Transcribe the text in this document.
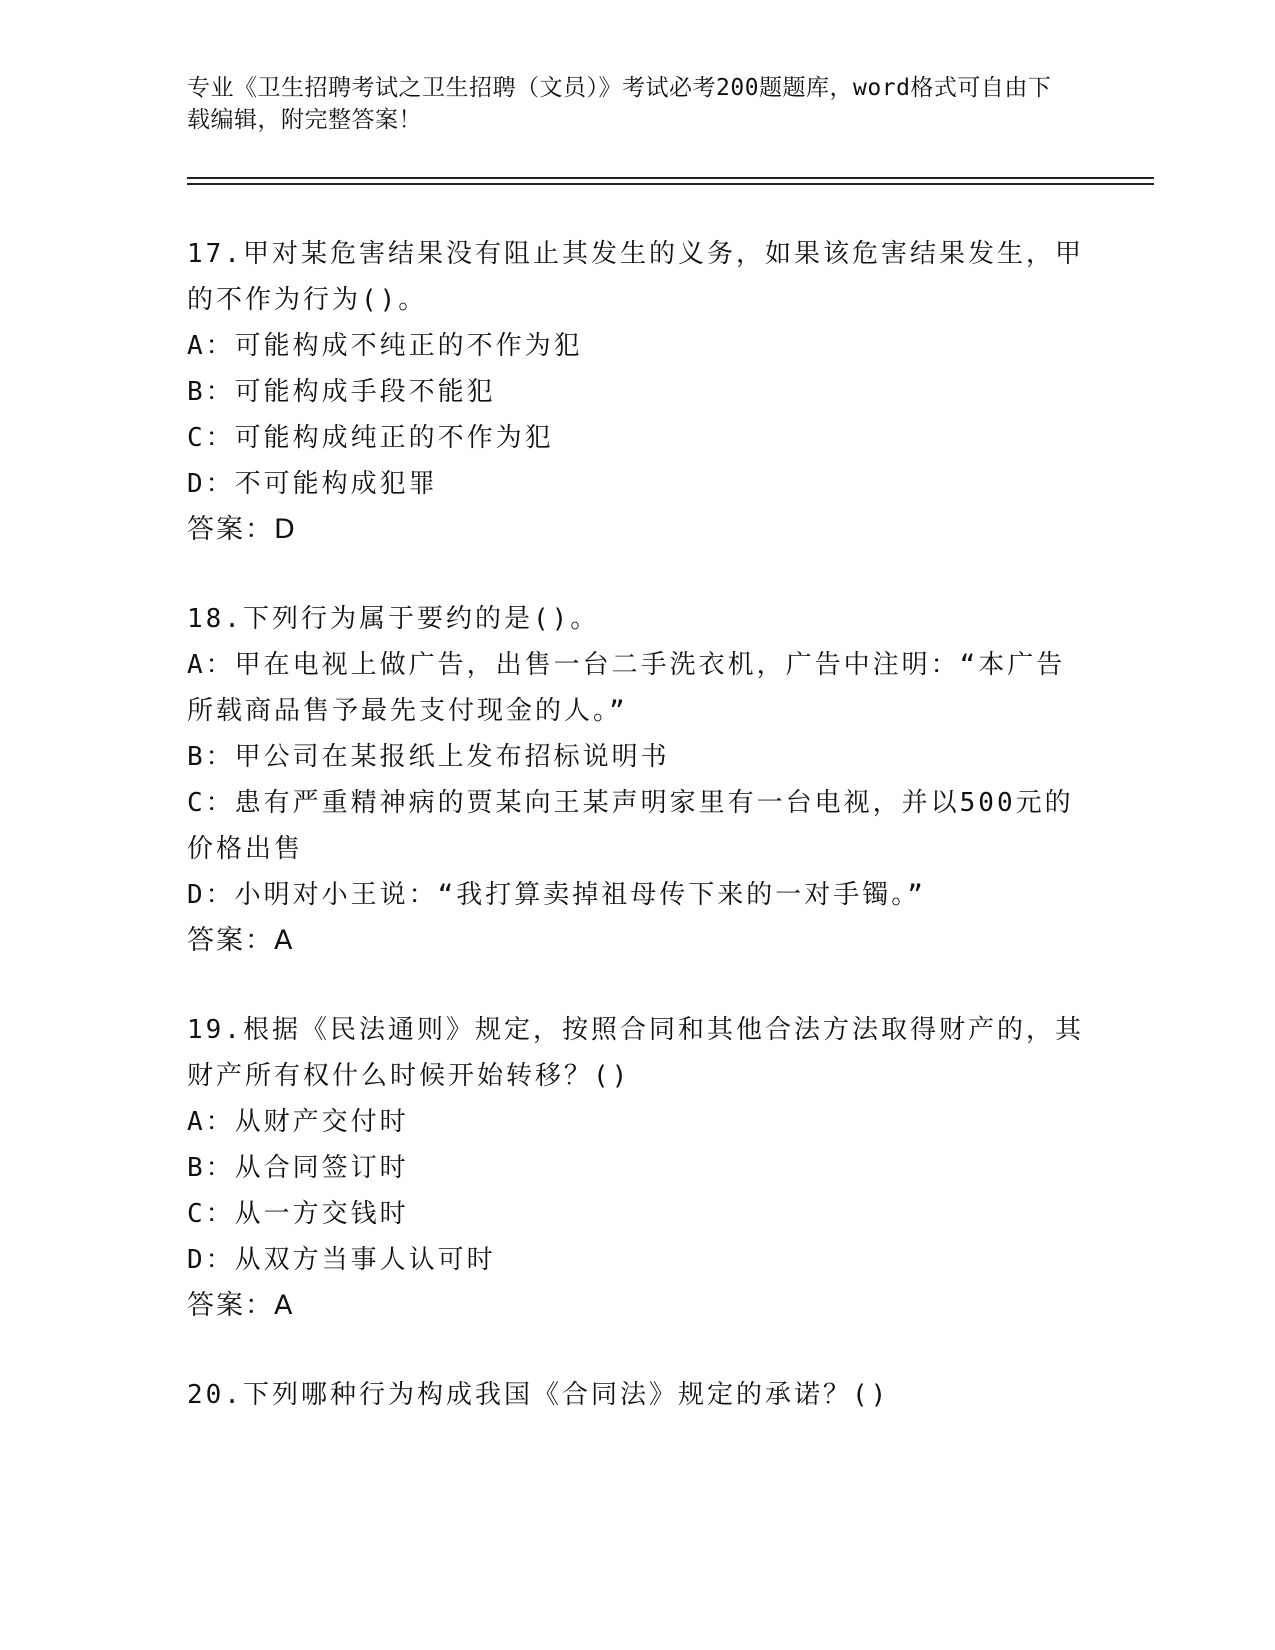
专业《卫生招聘考试之卫生招聘（文员）》考试必考200题题库，word格式可自由下载编辑，附完整答案！
17.甲对某危害结果没有阻止其发生的义务，如果该危害结果发生，甲的不作为行为()。
A：可能构成不纯正的不作为犯
B：可能构成手段不能犯
C：可能构成纯正的不作为犯
D：不可能构成犯罪
答案：D
18.下列行为属于要约的是()。
A：甲在电视上做广告，出售一台二手洗衣机，广告中注明：“本广告所载商品售予最先支付现金的人。”
B：甲公司在某报纸上发布招标说明书
C：患有严重精神病的贾某向王某声明家里有一台电视，并以500元的价格出售
D：小明对小王说：“我打算卖掉祖母传下来的一对手镯。”
答案：A
19.根据《民法通则》规定，按照合同和其他合法方法取得财产的，其财产所有权什么时候开始转移？()
A：从财产交付时
B：从合同签订时
C：从一方交钱时
D：从双方当事人认可时
答案：A
20.下列哪种行为构成我国《合同法》规定的承诺？()
